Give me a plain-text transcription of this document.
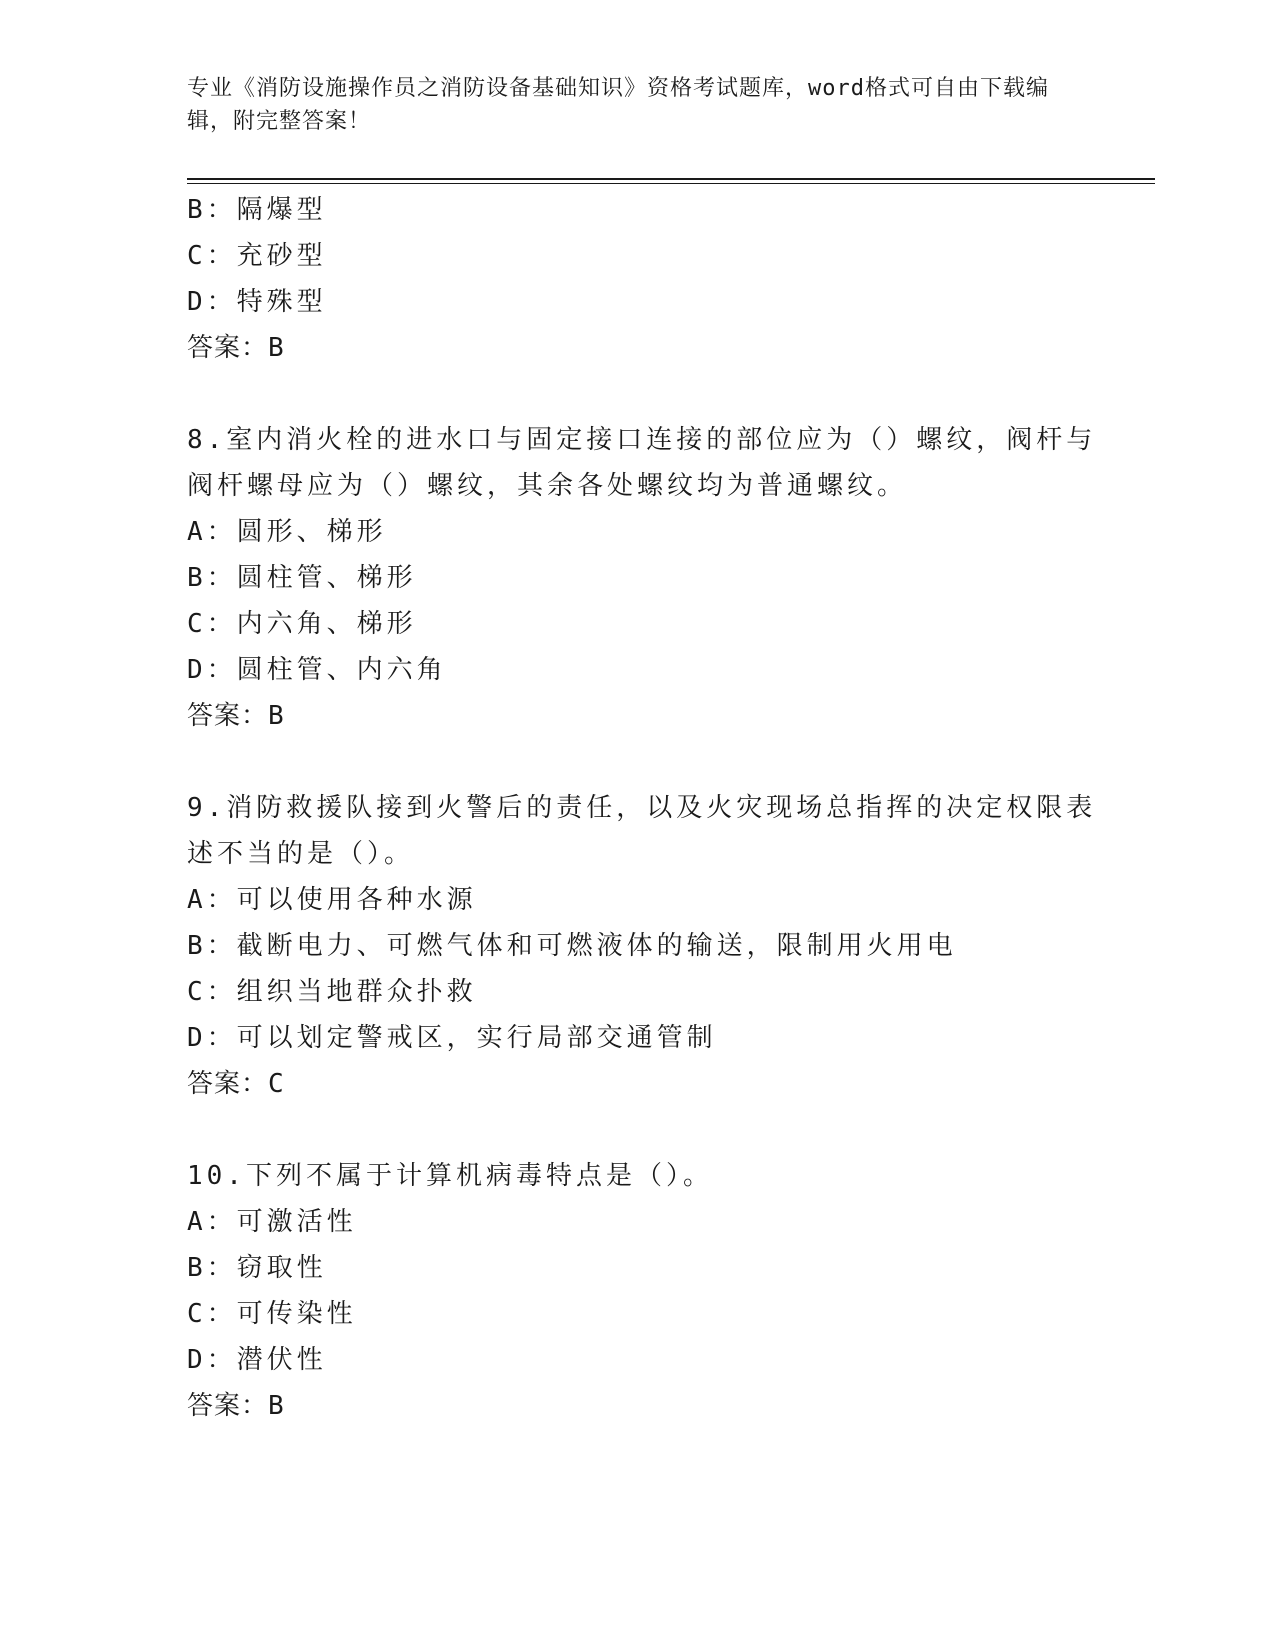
专业《消防设施操作员之消防设备基础知识》资格考试题库，word格式可自由下载编辑，附完整答案！
B：隔爆型
C：充砂型
D：特殊型
答案：B
8.室内消火栓的进水口与固定接口连接的部位应为（）螺纹，阀杆与
阀杆螺母应为（）螺纹，其余各处螺纹均为普通螺纹。
A：圆形、梯形
B：圆柱管、梯形
C：内六角、梯形
D：圆柱管、内六角
答案：B
9.消防救援队接到火警后的责任，以及火灾现场总指挥的决定权限表
述不当的是（）。
A：可以使用各种水源
B：截断电力、可燃气体和可燃液体的输送，限制用火用电
C：组织当地群众扑救
D：可以划定警戒区，实行局部交通管制
答案：C
10.下列不属于计算机病毒特点是（）。
A：可激活性
B：窃取性
C：可传染性
D：潜伏性
答案：B
